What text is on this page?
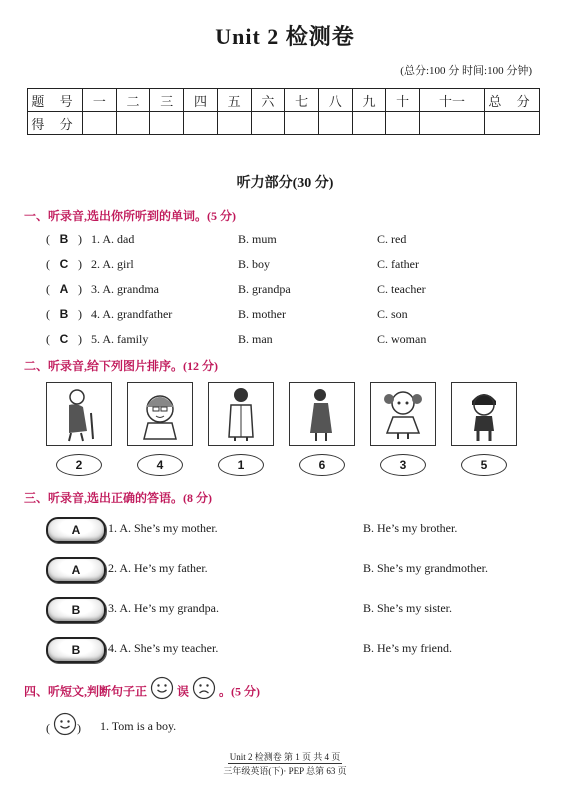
Unit 2 检测卷
(总分:100 分 时间:100 分钟)
题 号	一	二	三	四	五	六	七	八	九	十	十一	总 分
得 分												
听力部分(30 分)
一、听录音,选出你所听到的单词。(5 分)
( B ) 1. A. dad	B. mum	C. red
( C ) 2. A. girl	B. boy	C. father
( A ) 3. A. grandma	B. grandpa	C. teacher
( B ) 4. A. grandfather	B. mother	C. son
( C ) 5. A. family	B. man	C. woman
二、听录音,给下列图片排序。(12 分)
2	4	1	6	3	5
三、听录音,选出正确的答语。(8 分)
A	1. A. She’s my mother.	B. He’s my brother.
A	2. A. He’s my father.	B. She’s my grandmother.
B	3. A. He’s my grandpa.	B. She’s my sister.
B	4. A. She’s my teacher.	B. He’s my friend.
四、听短文,判断句子正	误	。(5 分)
( ) 1. Tom is a boy.
Unit 2 检测卷 第 1 页 共 4 页
三年级英语(下)· PEP 总第 63 页
